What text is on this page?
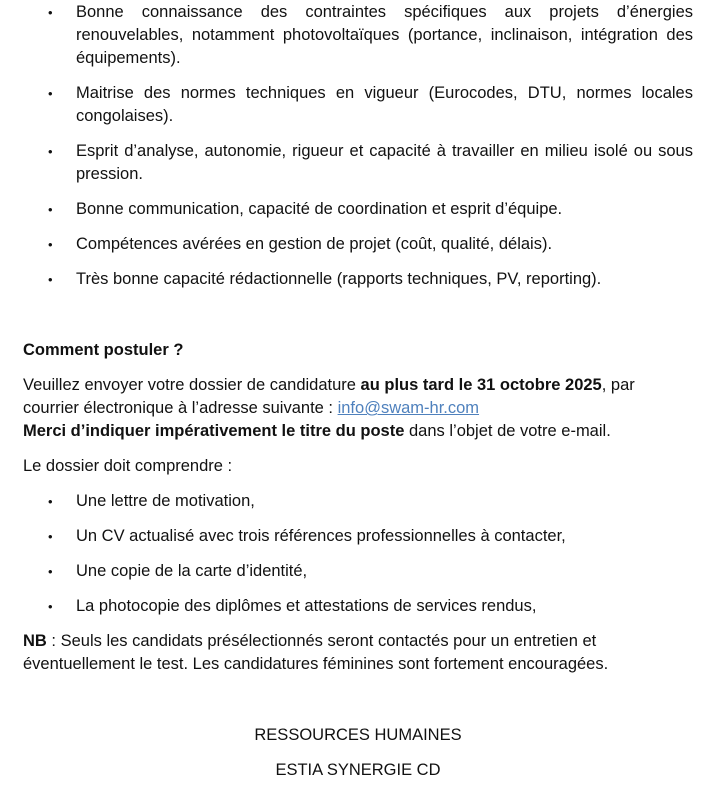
• Bonne connaissance des contraintes spécifiques aux projets d’énergies renouvelables, notamment photovoltaïques (portance, inclinaison, intégration des équipements).
• Maitrise des normes techniques en vigueur (Eurocodes, DTU, normes locales congolaises).
• Esprit d’analyse, autonomie, rigueur et capacité à travailler en milieu isolé ou sous pression.
• Bonne communication, capacité de coordination et esprit d’équipe.
• Compétences avérées en gestion de projet (coût, qualité, délais).
• Très bonne capacité rédactionnelle (rapports techniques, PV, reporting).
Comment postuler ?
Veuillez envoyer votre dossier de candidature au plus tard le 31 octobre 2025, par courrier électronique à l’adresse suivante : info@swam-hr.com
Merci d’indiquer impérativement le titre du poste dans l’objet de votre e-mail.
Le dossier doit comprendre :
• Une lettre de motivation,
• Un CV actualisé avec trois références professionnelles à contacter,
• Une copie de la carte d’identité,
• La photocopie des diplômes et attestations de services rendus,
NB : Seuls les candidats présélectionnés seront contactés pour un entretien et éventuellement le test. Les candidatures féminines sont fortement encouragées.
RESSOURCES HUMAINES
ESTIA SYNERGIE CD
